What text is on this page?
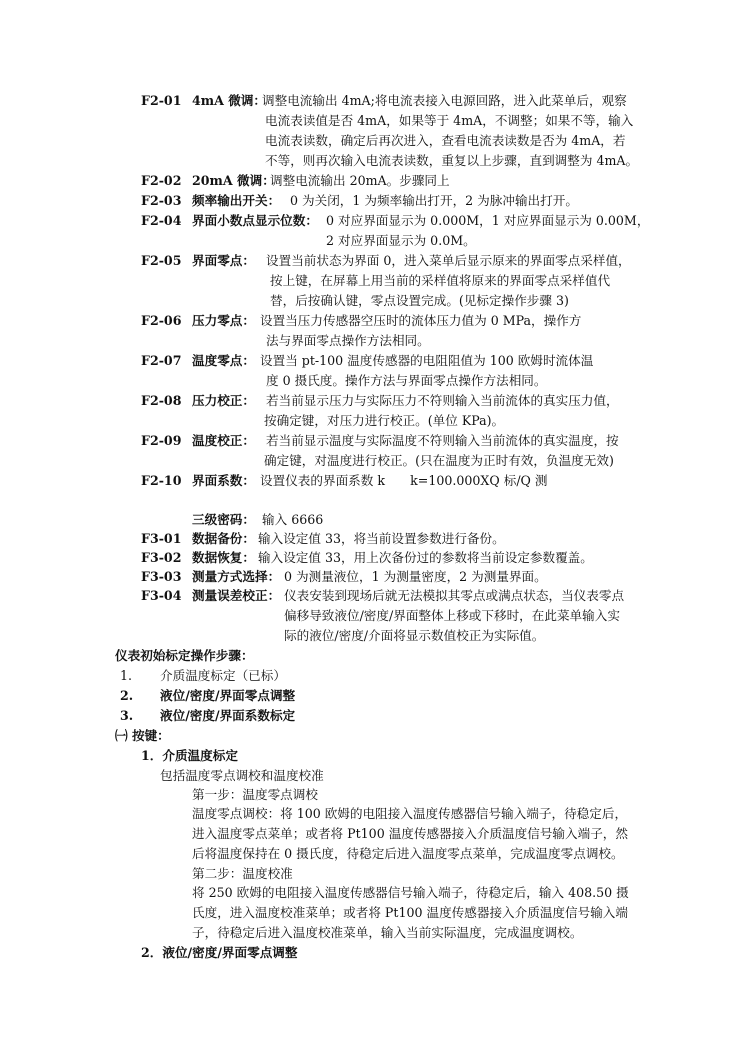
F2-01 4mA 微调：
调整电流输出 4mA;将电流表接入电源回路，进入此菜单后，观察
电流表读值是否 4mA，如果等于 4mA，不调整；如果不等，输入
电流表读数，确定后再次进入，查看电流表读数是否为 4mA，若
不等，则再次输入电流表读数，重复以上步骤，直到调整为 4mA。
F2-02 20mA 微调：
调整电流输出 20mA。步骤同上
F2-03 频率输出开关： 0 为关闭，1 为频率输出打开，2 为脉冲输出打开。
F2-04 界面小数点显示位数： 0 对应界面显示为 0.000M，1 对应界面显示为 0.00M，
2 对应界面显示为 0.0M。
F2-05 界面零点： 设置当前状态为界面 0，进入菜单后显示原来的界面零点采样值，
按上键，在屏幕上用当前的采样值将原来的界面零点采样值代
替，后按确认键，零点设置完成。(见标定操作步骤 3)
F2-06 压力零点： 设置当压力传感器空压时的流体压力值为 0 MPa，操作方
法与界面零点操作方法相同。
F2-07 温度零点： 设置当 pt-100 温度传感器的电阻阻值为 100 欧姆时流体温
度 0 摄氏度。操作方法与界面零点操作方法相同。
F2-08 压力校正： 若当前显示压力与实际压力不符则输入当前流体的真实压力值，
按确定键，对压力进行校正。(单位 KPa)。
F2-09 温度校正： 若当前显示温度与实际温度不符则输入当前流体的真实温度，按
确定键，对温度进行校正。(只在温度为正时有效，负温度无效)
F2-10 界面系数： 设置仪表的界面系数 k　　k=100.000XQ 标/Q 测
三级密码： 输入 6666
F3-01 数据备份： 输入设定值 33，将当前设置参数进行备份。
F3-02 数据恢复： 输入设定值 33，用上次备份过的参数将当前设定参数覆盖。
F3-03 测量方式选择： 0 为测量液位，1 为测量密度，2 为测量界面。
F3-04 测量误差校正： 仪表安装到现场后就无法模拟其零点或满点状态，当仪表零点
偏移导致液位/密度/界面整体上移或下移时，在此菜单输入实
际的液位/密度/介面将显示数值校正为实际值。
仪表初始标定操作步骤：
1. 介质温度标定（已标）
2. 液位/密度/界面零点调整
3. 液位/密度/界面系数标定
㈠ 按键：
1．介质温度标定
包括温度零点调校和温度校准
第一步：温度零点调校
温度零点调校：将 100 欧姆的电阻接入温度传感器信号输入端子，待稳定后，
进入温度零点菜单；或者将 Pt100 温度传感器接入介质温度信号输入端子，然
后将温度保持在 0 摄氏度，待稳定后进入温度零点菜单，完成温度零点调校。
第二步：温度校准
将 250 欧姆的电阻接入温度传感器信号输入端子，待稳定后，输入 408.50 摄
氏度，进入温度校准菜单；或者将 Pt100 温度传感器接入介质温度信号输入端
子，待稳定后进入温度校准菜单，输入当前实际温度，完成温度调校。
2．液位/密度/界面零点调整
